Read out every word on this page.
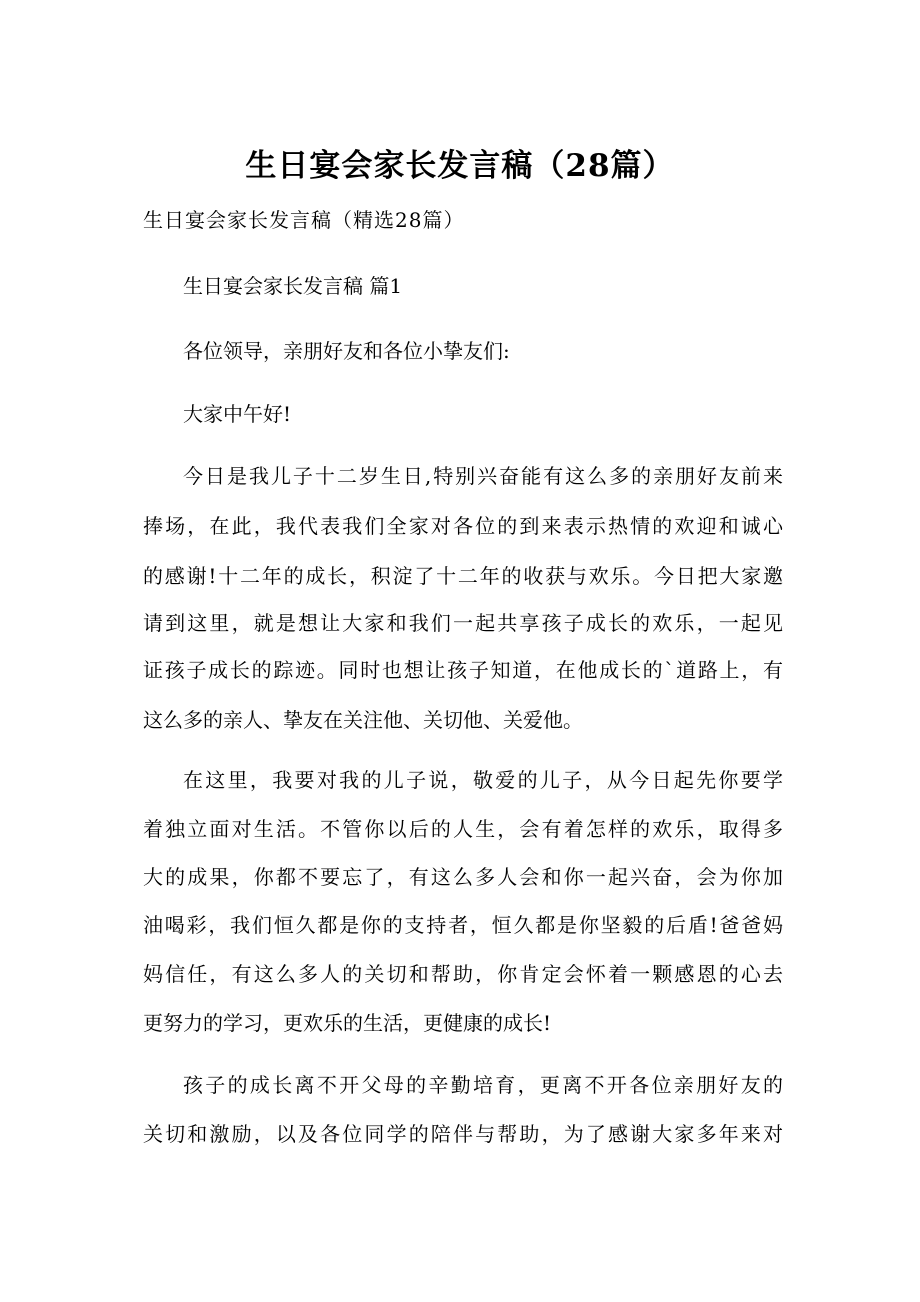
生日宴会家长发言稿（28篇）
生日宴会家长发言稿（精选28篇）
生日宴会家长发言稿 篇1
各位领导，亲朋好友和各位小挚友们:
大家中午好!
今日是我儿子十二岁生日,特别兴奋能有这么多的亲朋好友前来
捧场，在此，我代表我们全家对各位的到来表示热情的欢迎和诚心
的感谢!十二年的成长，积淀了十二年的收获与欢乐。今日把大家邀
请到这里，就是想让大家和我们一起共享孩子成长的欢乐，一起见
证孩子成长的踪迹。同时也想让孩子知道，在他成长的`道路上，有
这么多的亲人、挚友在关注他、关切他、关爱他。
在这里，我要对我的儿子说，敬爱的儿子，从今日起先你要学
着独立面对生活。不管你以后的人生，会有着怎样的欢乐，取得多
大的成果，你都不要忘了，有这么多人会和你一起兴奋，会为你加
油喝彩，我们恒久都是你的支持者，恒久都是你坚毅的后盾!爸爸妈
妈信任，有这么多人的关切和帮助，你肯定会怀着一颗感恩的心去
更努力的学习，更欢乐的生活，更健康的成长!
孩子的成长离不开父母的辛勤培育，更离不开各位亲朋好友的
关切和激励，以及各位同学的陪伴与帮助，为了感谢大家多年来对
